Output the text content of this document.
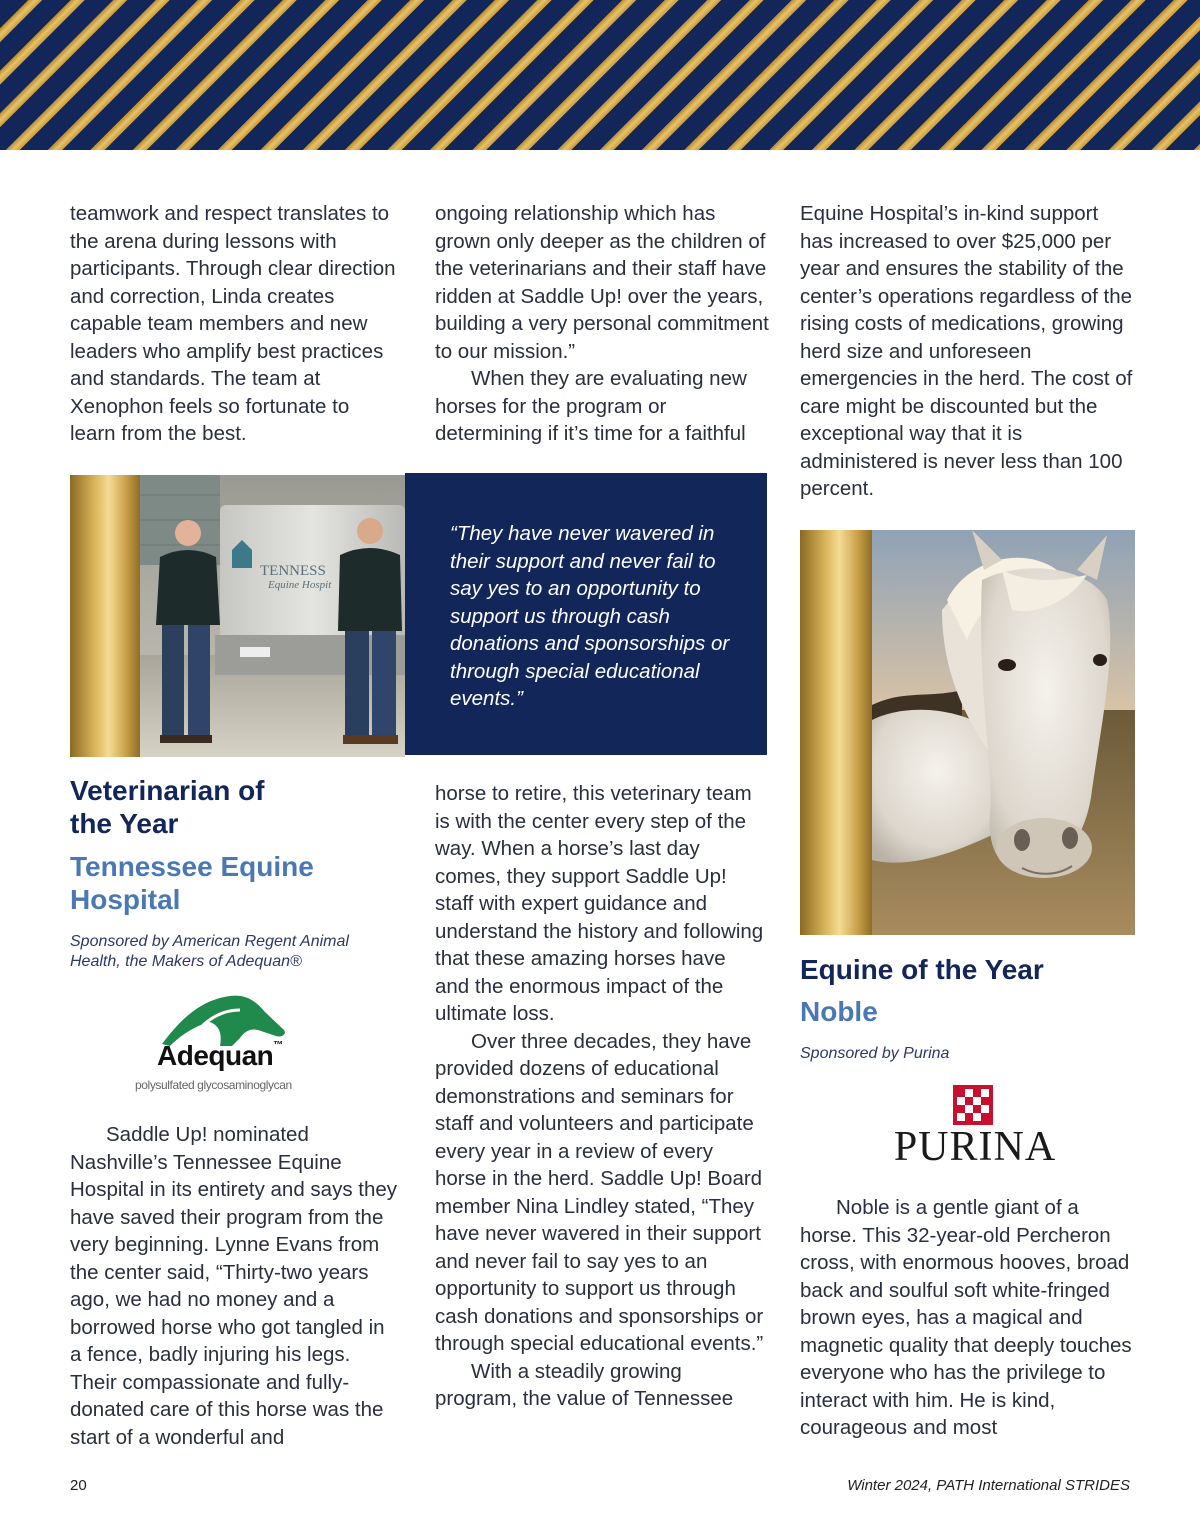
teamwork and respect translates to the arena during lessons with participants. Through clear direction and correction, Linda creates capable team members and new leaders who amplify best practices and standards. The team at Xenophon feels so fortunate to learn from the best.

ongoing relationship which has grown only deeper as the children of the veterinarians and their staff have ridden at Saddle Up! over the years, building a very personal commitment to our mission.”

When they are evaluating new horses for the program or determining if it’s time for a faithful

Equine Hospital’s in-kind support has increased to over $25,000 per year and ensures the stability of the center’s operations regardless of the rising costs of medications, growing herd size and unforeseen emergencies in the herd. The cost of care might be discounted but the exceptional way that it is administered is never less than 100 percent.

TENNESS
Equine Hospit
“They have never wavered in their support and never fail to say yes to an opportunity to support us through cash donations and sponsorships or through special educational events.”
Veterinarian of the Year
Tennessee Equine Hospital
Sponsored by American Regent Animal Health, the Makers of Adequan®
Adequan™
polysulfated glycosaminoglycan

Saddle Up! nominated Nashville’s Tennessee Equine Hospital in its entirety and says they have saved their program from the very beginning. Lynne Evans from the center said, “Thirty-two years ago, we had no money and a borrowed horse who got tangled in a fence, badly injuring his legs. Their compassionate and fully-donated care of this horse was the start of a wonderful and

horse to retire, this veterinary team is with the center every step of the way. When a horse’s last day comes, they support Saddle Up! staff with expert guidance and understand the history and following that these amazing horses have and the enormous impact of the ultimate loss.

Over three decades, they have provided dozens of educational demonstrations and seminars for staff and volunteers and participate every year in a review of every horse in the herd. Saddle Up! Board member Nina Lindley stated, “They have never wavered in their support and never fail to say yes to an opportunity to support us through cash donations and sponsorships or through special educational events.”

With a steadily growing program, the value of Tennessee

Equine of the Year
Noble
Sponsored by Purina
PURINA

Noble is a gentle giant of a horse. This 32-year-old Percheron cross, with enormous hooves, broad back and soulful soft white-fringed brown eyes, has a magical and magnetic quality that deeply touches everyone who has the privilege to interact with him. He is kind, courageous and most

20	Winter 2024, PATH International STRIDES
